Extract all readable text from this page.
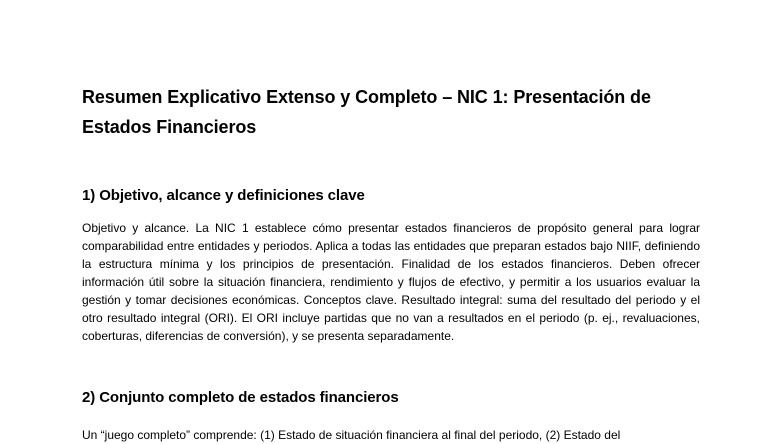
Resumen Explicativo Extenso y Completo – NIC 1: Presentación de Estados Financieros
1) Objetivo, alcance y definiciones clave

Objetivo y alcance. La NIC 1 establece cómo presentar estados financieros de propósito general para lograr comparabilidad entre entidades y periodos. Aplica a todas las entidades que preparan estados bajo NIIF, definiendo la estructura mínima y los principios de presentación. Finalidad de los estados financieros. Deben ofrecer información útil sobre la situación financiera, rendimiento y flujos de efectivo, y permitir a los usuarios evaluar la gestión y tomar decisiones económicas. Conceptos clave. Resultado integral: suma del resultado del periodo y el otro resultado integral (ORI). El ORI incluye partidas que no van a resultados en el periodo (p. ej., revaluaciones, coberturas, diferencias de conversión), y se presenta separadamente.

2) Conjunto completo de estados financieros

Un “juego completo” comprende: (1) Estado de situación financiera al final del periodo, (2) Estado del
